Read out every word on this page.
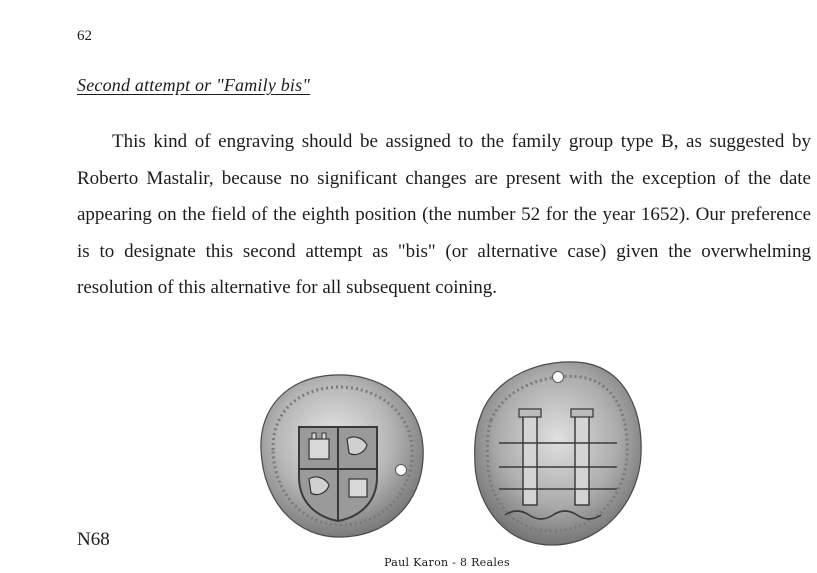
62
Second attempt or "Family bis"

This kind of engraving should be assigned to the family group type B, as suggested by Roberto Mastalir, because no significant changes are present with the exception of the date appearing on the field of the eighth position (the number 52 for the year 1652). Our preference is to designate this second attempt as "bis" (or alternative case) given the overwhelming resolution of this alternative for all subsequent coining.

N68
Paul Karon - 8 Reales
